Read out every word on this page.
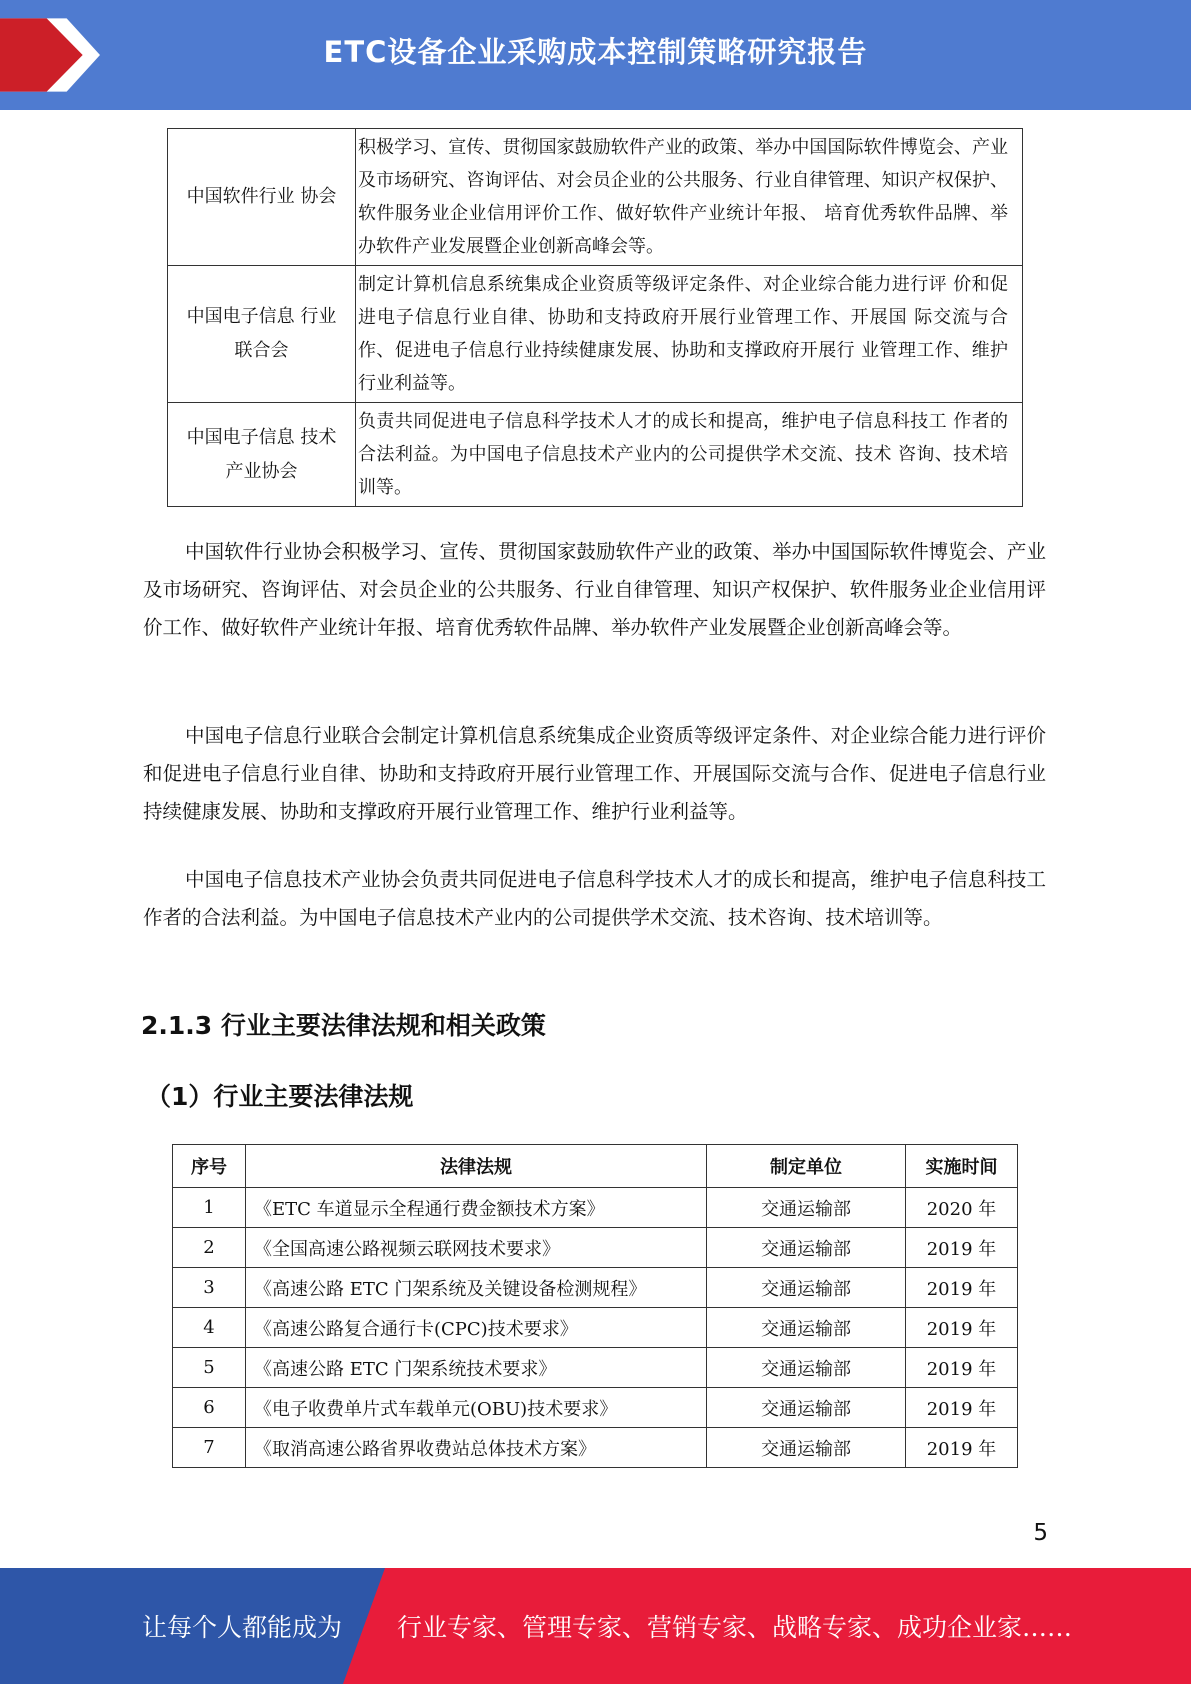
ETC设备企业采购成本控制策略研究报告
中国软件行业 协会	积极学习、宣传、贯彻国家鼓励软件产业的政策、举办中国国际软件博览会、产业及市场研究、咨询评估、对会员企业的公共服务、行业自律管理、知识产权保护、软件服务业企业信用评价工作、做好软件产业统计年报、 培育优秀软件品牌、举办软件产业发展暨企业创新高峰会等。
中国电子信息 行业联合会	制定计算机信息系统集成企业资质等级评定条件、对企业综合能力进行评 价和促进电子信息行业自律、协助和支持政府开展行业管理工作、开展国 际交流与合作、促进电子信息行业持续健康发展、协助和支撑政府开展行 业管理工作、维护行业利益等。
中国电子信息 技术产业协会	负责共同促进电子信息科学技术人才的成长和提高，维护电子信息科技工 作者的合法利益。为中国电子信息技术产业内的公司提供学术交流、技术 咨询、技术培训等。

中国软件行业协会积极学习、宣传、贯彻国家鼓励软件产业的政策、举办中国国际软件博览会、产业及市场研究、咨询评估、对会员企业的公共服务、行业自律管理、知识产权保护、软件服务业企业信用评价工作、做好软件产业统计年报、培育优秀软件品牌、举办软件产业发展暨企业创新高峰会等。

中国电子信息行业联合会制定计算机信息系统集成企业资质等级评定条件、对企业综合能力进行评价和促进电子信息行业自律、协助和支持政府开展行业管理工作、开展国际交流与合作、促进电子信息行业持续健康发展、协助和支撑政府开展行业管理工作、维护行业利益等。

中国电子信息技术产业协会负责共同促进电子信息科学技术人才的成长和提高，维护电子信息科技工作者的合法利益。为中国电子信息技术产业内的公司提供学术交流、技术咨询、技术培训等。

2.1.3 行业主要法律法规和相关政策
（1）行业主要法律法规
序号	法律法规	制定单位	实施时间
1	《ETC 车道显示全程通行费金额技术方案》	交通运输部	2020 年
2	《全国高速公路视频云联网技术要求》	交通运输部	2019 年
3	《高速公路 ETC 门架系统及关键设备检测规程》	交通运输部	2019 年
4	《高速公路复合通行卡(CPC)技术要求》	交通运输部	2019 年
5	《高速公路 ETC 门架系统技术要求》	交通运输部	2019 年
6	《电子收费单片式车载单元(OBU)技术要求》	交通运输部	2019 年
7	《取消高速公路省界收费站总体技术方案》	交通运输部	2019 年
5
让每个人都能成为 行业专家、管理专家、营销专家、战略专家、成功企业家……
